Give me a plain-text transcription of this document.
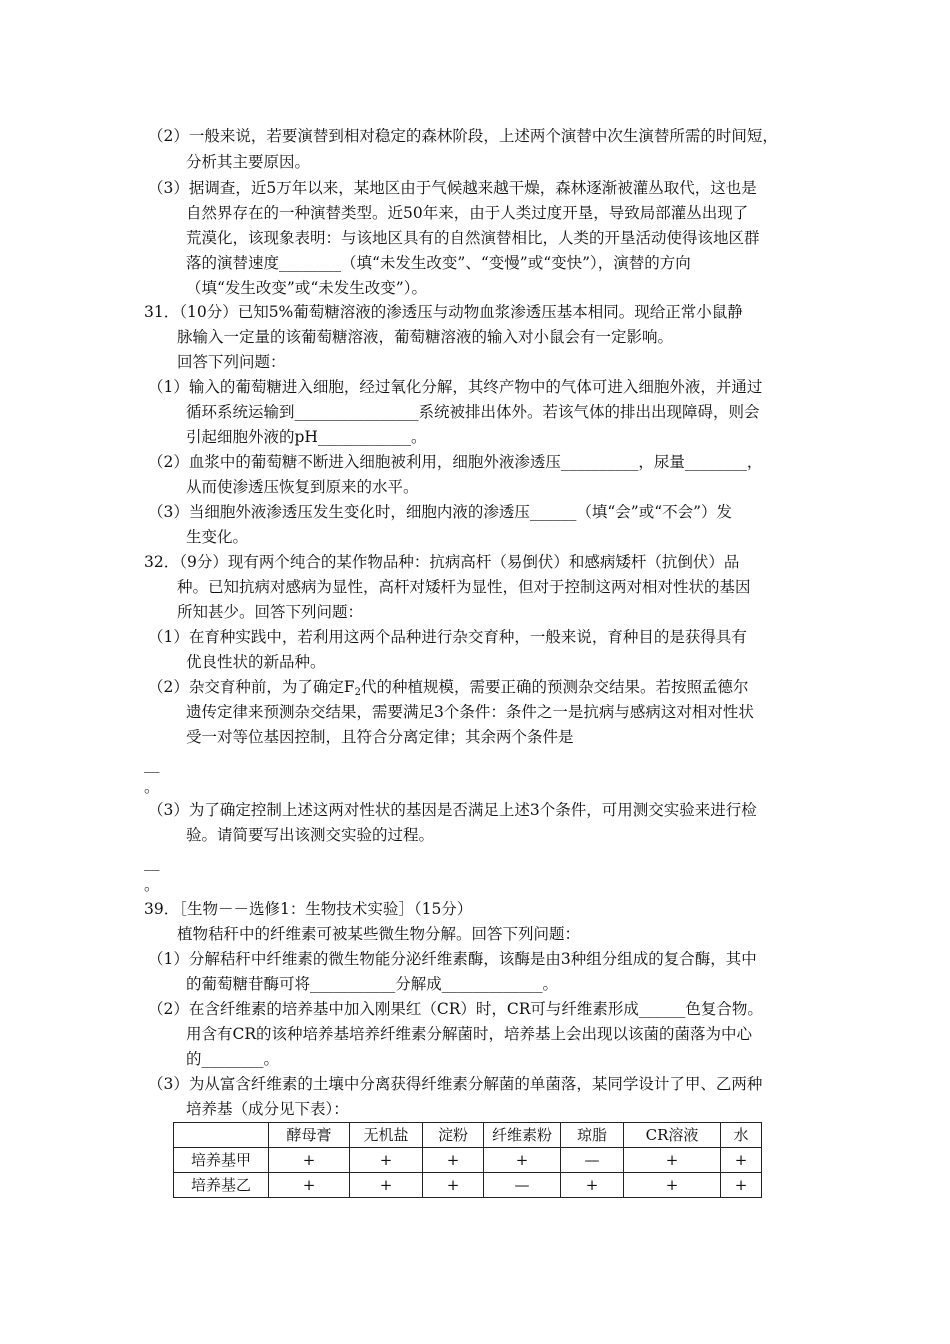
（2）一般来说，若要演替到相对稳定的森林阶段，上述两个演替中次生演替所需的时间短，
分析其主要原因。
（3）据调查，近5万年以来，某地区由于气候越来越干燥，森林逐渐被灌丛取代，这也是
自然界存在的一种演替类型。近50年来，由于人类过度开垦，导致局部灌丛出现了
荒漠化，该现象表明：与该地区具有的自然演替相比，人类的开垦活动使得该地区群
落的演替速度________（填“未发生改变”、“变慢”或“变快”），演替的方向
（填“发生改变”或“未发生改变”）。
31．（10分）已知5%葡萄糖溶液的渗透压与动物血浆渗透压基本相同。现给正常小鼠静
脉输入一定量的该葡萄糖溶液，葡萄糖溶液的输入对小鼠会有一定影响。
回答下列问题：
（1）输入的葡萄糖进入细胞，经过氧化分解，其终产物中的气体可进入细胞外液，并通过
循环系统运输到________________系统被排出体外。若该气体的排出出现障碍，则会
引起细胞外液的pH____________。
（2）血浆中的葡萄糖不断进入细胞被利用，细胞外液渗透压__________，尿量________，
从而使渗透压恢复到原来的水平。
（3）当细胞外液渗透压发生变化时，细胞内液的渗透压______（填“会”或“不会”）发
生变化。
32．（9分）现有两个纯合的某作物品种：抗病高杆（易倒伏）和感病矮杆（抗倒伏）品
种。已知抗病对感病为显性，高杆对矮杆为显性，但对于控制这两对相对性状的基因
所知甚少。回答下列问题：
（1）在育种实践中，若利用这两个品种进行杂交育种，一般来说，育种目的是获得具有
优良性状的新品种。
（2）杂交育种前，为了确定$F_2$代的种植规模，需要正确的预测杂交结果。若按照孟德尔
遗传定律来预测杂交结果，需要满足3个条件：条件之一是抗病与感病这对相对性状
受一对等位基因控制，且符合分离定律；其余两个条件是
__
。
（3）为了确定控制上述这两对性状的基因是否满足上述3个条件，可用测交实验来进行检
验。请简要写出该测交实验的过程。
__
。
39．［生物－－选修1：生物技术实验］（15分）
植物秸秆中的纤维素可被某些微生物分解。回答下列问题：
（1）分解秸秆中纤维素的微生物能分泌纤维素酶，该酶是由3种组分组成的复合酶，其中
的葡萄糖苷酶可将___________分解成_____________。
（2）在含纤维素的培养基中加入刚果红（CR）时，CR可与纤维素形成______色复合物。
用含有CR的该种培养基培养纤维素分解菌时，培养基上会出现以该菌的菌落为中心
的________。
（3）为从富含纤维素的土壤中分离获得纤维素分解菌的单菌落，某同学设计了甲、乙两种
培养基（成分见下表）：
	酵母膏	无机盐	淀粉	纤维素粉	琼脂	CR溶液	水
培养基甲	+	+	+	+	—	+	+
培养基乙	+	+	+	—	+	+	+
